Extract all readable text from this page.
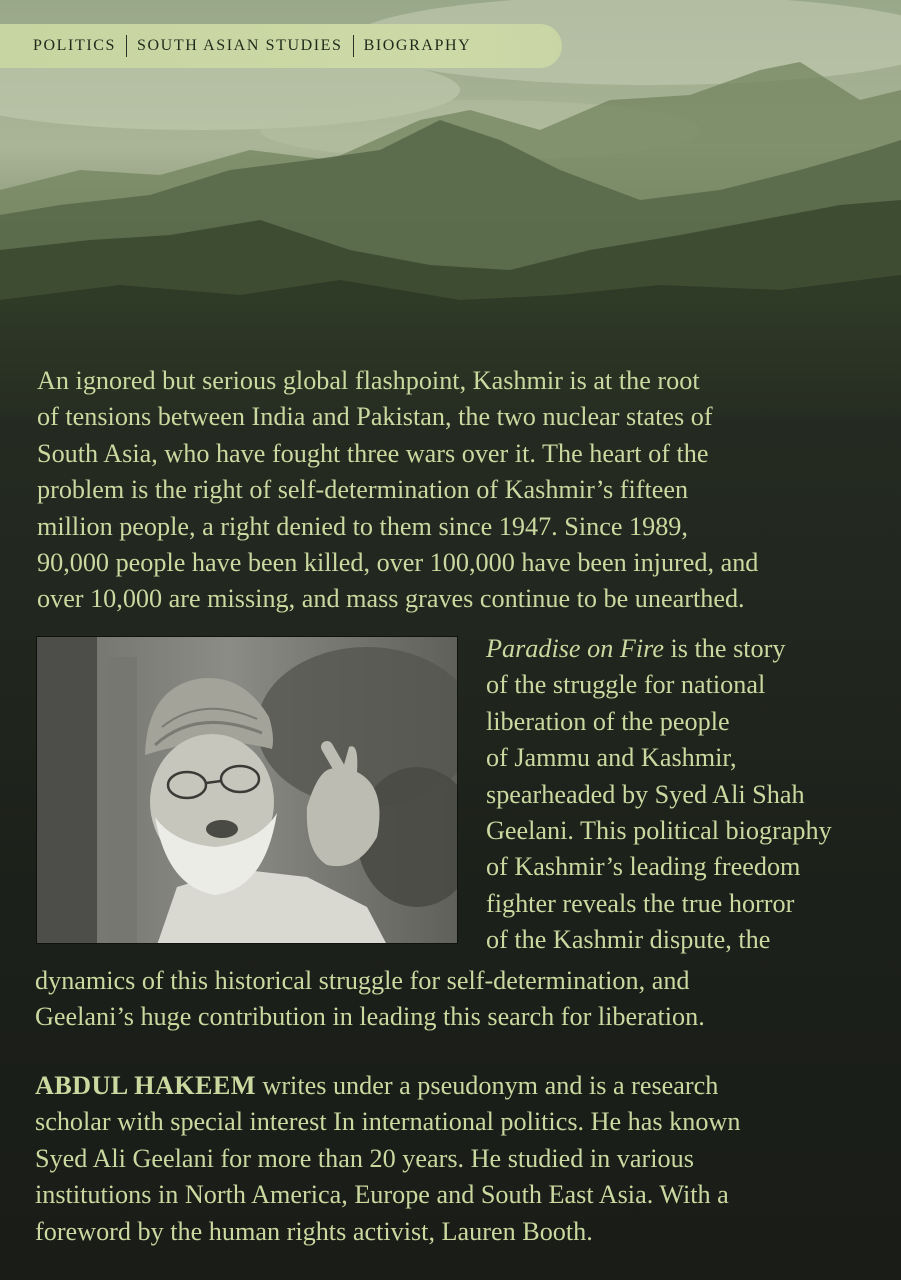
POLITICS SOUTH ASIAN STUDIES BIOGRAPHY

An ignored but serious global flashpoint, Kashmir is at the root
of tensions between India and Pakistan, the two nuclear states of
South Asia, who have fought three wars over it. The heart of the
problem is the right of self-determination of Kashmir’s fifteen
million people, a right denied to them since 1947. Since 1989,
90,000 people have been killed, over 100,000 have been injured, and
over 10,000 are missing, and mass graves continue to be unearthed.

Paradise on Fire is the story
of the struggle for national
liberation of the people
of Jammu and Kashmir,
spearheaded by Syed Ali Shah
Geelani. This political biography
of Kashmir’s leading freedom
fighter reveals the true horror
of the Kashmir dispute, the

dynamics of this historical struggle for self-determination, and
Geelani’s huge contribution in leading this search for liberation.

ABDUL HAKEEM writes under a pseudonym and is a research
scholar with special interest In international politics. He has known
Syed Ali Geelani for more than 20 years. He studied in various
institutions in North America, Europe and South East Asia. With a
foreword by the human rights activist, Lauren Booth.
